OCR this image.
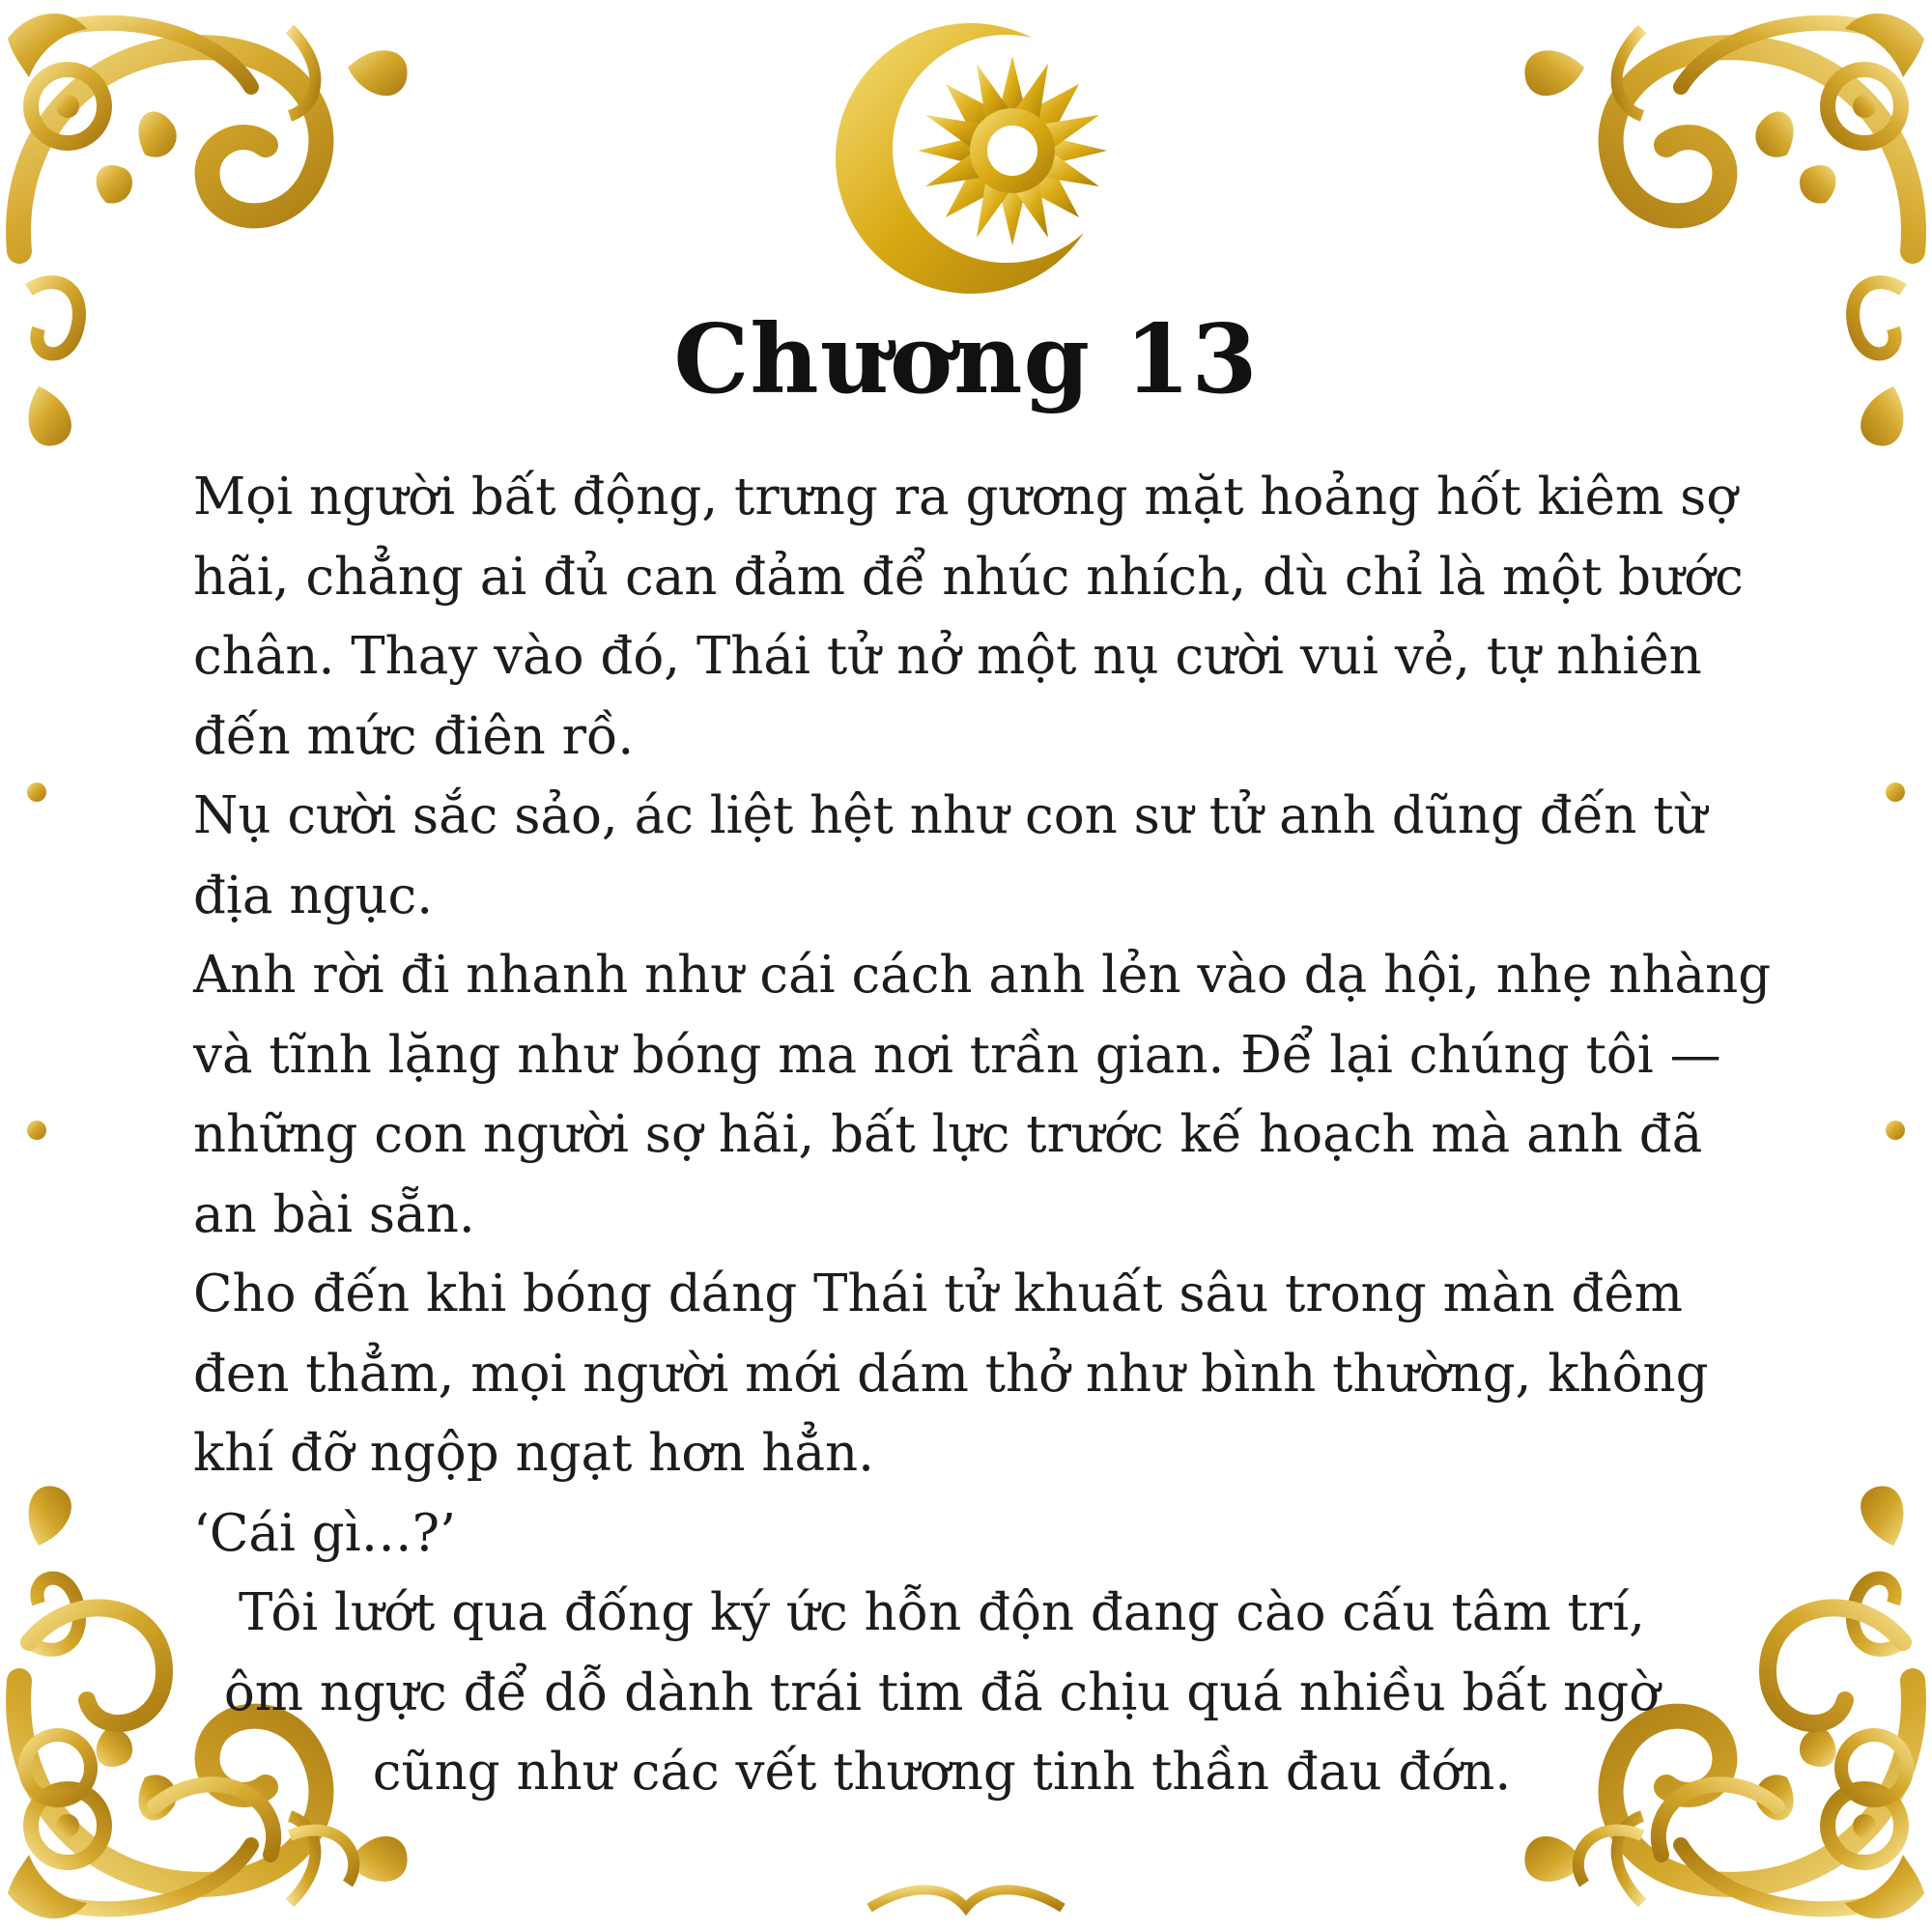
Chương 13

Mọi người bất động, trưng ra gương mặt hoảng hốt kiêm sợ hãi, chẳng ai đủ can đảm để nhúc nhích, dù chỉ là một bước chân. Thay vào đó, Thái tử nở một nụ cười vui vẻ, tự nhiên đến mức điên rồ.

Nụ cười sắc sảo, ác liệt hệt như con sư tử anh dũng đến từ địa ngục.

Anh rời đi nhanh như cái cách anh lẻn vào dạ hội, nhẹ nhàng và tĩnh lặng như bóng ma nơi trần gian. Để lại chúng tôi — những con người sợ hãi, bất lực trước kế hoạch mà anh đã an bài sẵn.

Cho đến khi bóng dáng Thái tử khuất sâu trong màn đêm đen thẳm, mọi người mới dám thở như bình thường, không khí đỡ ngộp ngạt hơn hẳn.

‘Cái gì…?’

Tôi lướt qua đống ký ức hỗn độn đang cào cấu tâm trí, ôm ngực để dỗ dành trái tim đã chịu quá nhiều bất ngờ cũng như các vết thương tinh thần đau đớn.
